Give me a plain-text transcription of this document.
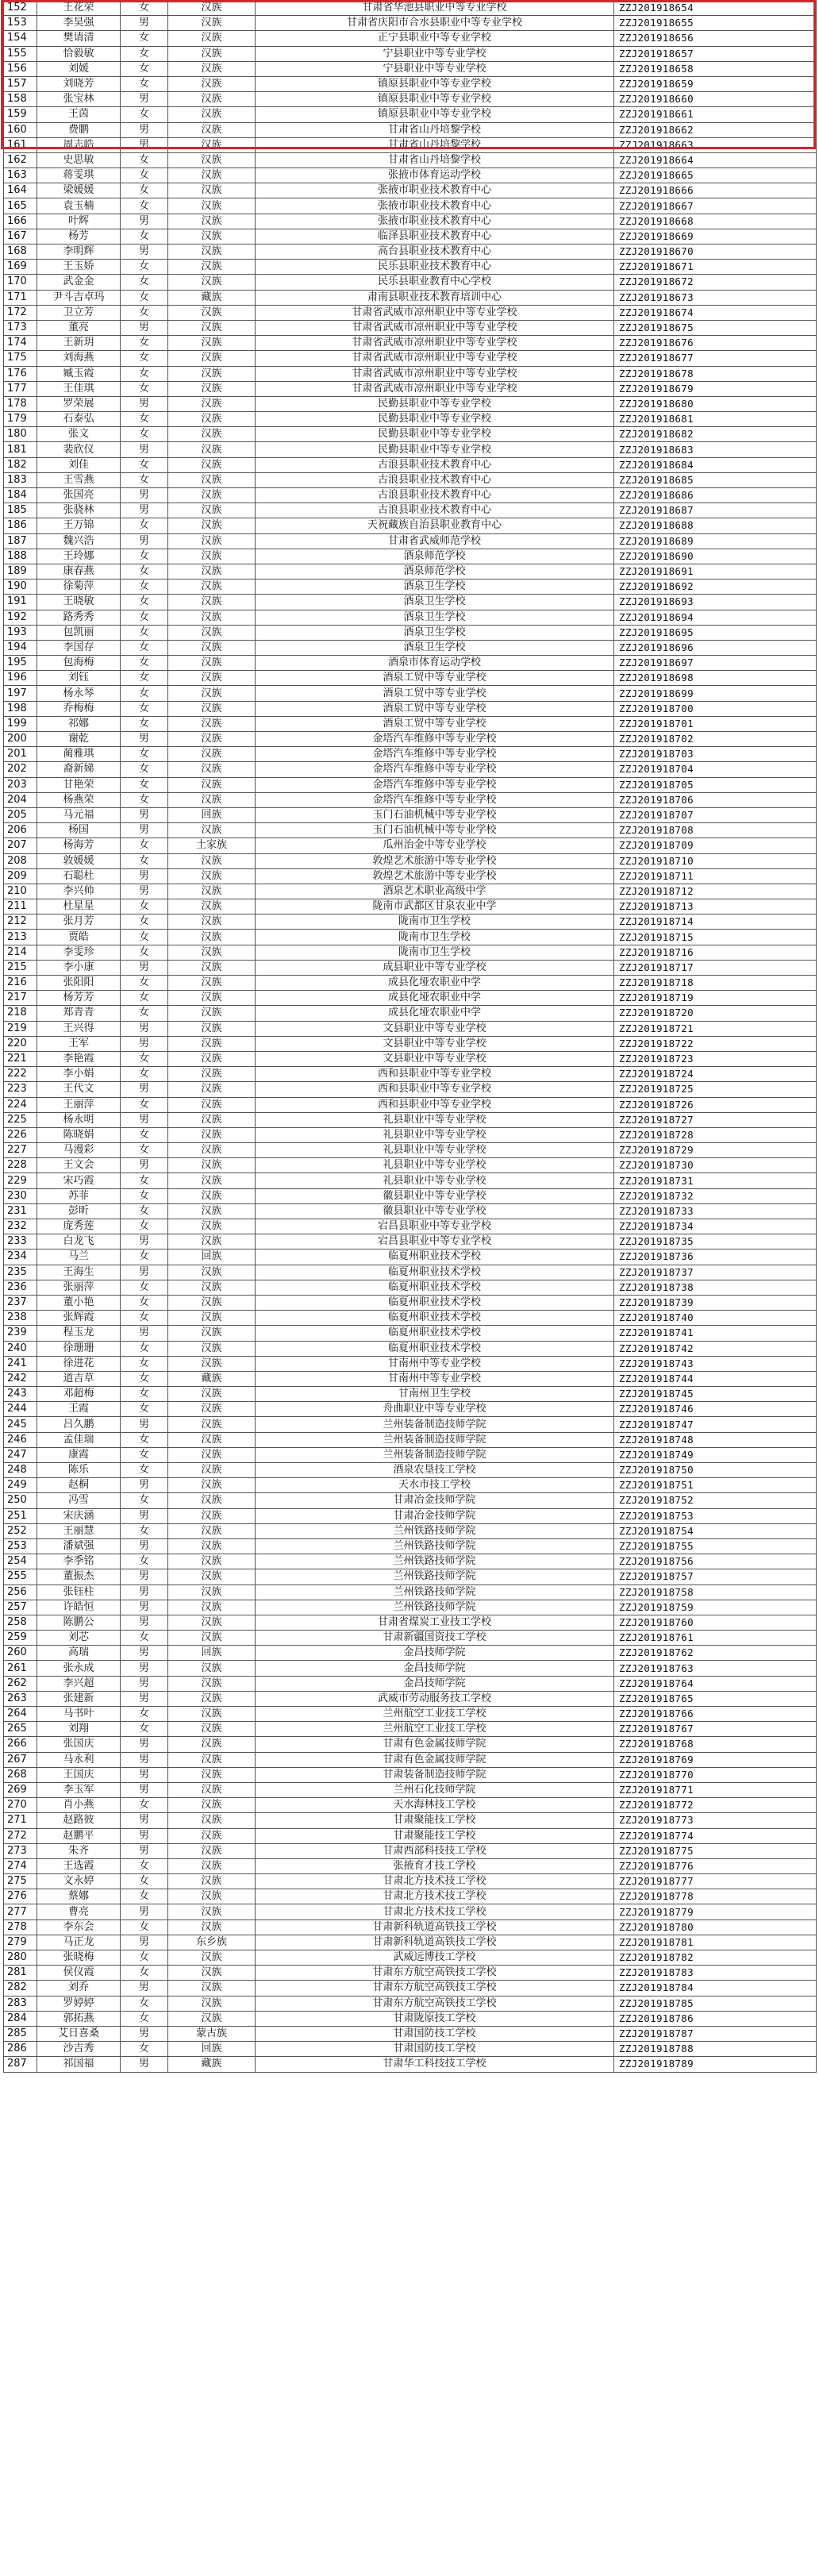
152	王花荣	女	汉族	甘肃省华池县职业中等专业学校	ZZJ201918654
153	李昊强	男	汉族	甘肃省庆阳市合水县职业中等专业学校	ZZJ201918655
154	樊请清	女	汉族	正宁县职业中等专业学校	ZZJ201918656
155	恰毅敏	女	汉族	宁县职业中等专业学校	ZZJ201918657
156	刘媛	女	汉族	宁县职业中等专业学校	ZZJ201918658
157	刘晓芳	女	汉族	镇原县职业中等专业学校	ZZJ201918659
158	张宝林	男	汉族	镇原县职业中等专业学校	ZZJ201918660
159	王茵	女	汉族	镇原县职业中等专业学校	ZZJ201918661
160	费鹏	男	汉族	甘肃省山丹培黎学校	ZZJ201918662
161	周志皓	男	汉族	甘肃省山丹培黎学校	ZZJ201918663
162	史思敏	女	汉族	甘肃省山丹培黎学校	ZZJ201918664
163	蒋雯琪	女	汉族	张掖市体育运动学校	ZZJ201918665
164	梁媛媛	女	汉族	张掖市职业技术教育中心	ZZJ201918666
165	袁玉楠	女	汉族	张掖市职业技术教育中心	ZZJ201918667
166	叶辉	男	汉族	张掖市职业技术教育中心	ZZJ201918668
167	杨芳	女	汉族	临泽县职业技术教育中心	ZZJ201918669
168	李明辉	男	汉族	高台县职业技术教育中心	ZZJ201918670
169	王玉娇	女	汉族	民乐县职业技术教育中心	ZZJ201918671
170	武金金	女	汉族	民乐县职业教育中心学校	ZZJ201918672
171	尹斗吉卓玛	女	藏族	肃南县职业技术教育培训中心	ZZJ201918673
172	卫立芳	女	汉族	甘肃省武威市凉州职业中等专业学校	ZZJ201918674
173	董亮	男	汉族	甘肃省武威市凉州职业中等专业学校	ZZJ201918675
174	王新玥	女	汉族	甘肃省武威市凉州职业中等专业学校	ZZJ201918676
175	刘海燕	女	汉族	甘肃省武威市凉州职业中等专业学校	ZZJ201918677
176	臧玉霞	女	汉族	甘肃省武威市凉州职业中等专业学校	ZZJ201918678
177	王佳琪	女	汉族	甘肃省武威市凉州职业中等专业学校	ZZJ201918679
178	罗荣展	男	汉族	民勤县职业中等专业学校	ZZJ201918680
179	石泰弘	女	汉族	民勤县职业中等专业学校	ZZJ201918681
180	张文	女	汉族	民勤县职业中等专业学校	ZZJ201918682
181	裴欣仪	男	汉族	民勤县职业中等专业学校	ZZJ201918683
182	刘佳	女	汉族	古浪县职业技术教育中心	ZZJ201918684
183	王雪燕	女	汉族	古浪县职业技术教育中心	ZZJ201918685
184	张国亮	男	汉族	古浪县职业技术教育中心	ZZJ201918686
185	张骁林	男	汉族	古浪县职业技术教育中心	ZZJ201918687
186	王万锦	女	汉族	天祝藏族自治县职业教育中心	ZZJ201918688
187	魏兴浩	男	汉族	甘肃省武威师范学校	ZZJ201918689
188	王玲娜	女	汉族	酒泉师范学校	ZZJ201918690
189	康春燕	女	汉族	酒泉师范学校	ZZJ201918691
190	徐菊萍	女	汉族	酒泉卫生学校	ZZJ201918692
191	王晓敏	女	汉族	酒泉卫生学校	ZZJ201918693
192	路秀秀	女	汉族	酒泉卫生学校	ZZJ201918694
193	包凯丽	女	汉族	酒泉卫生学校	ZZJ201918695
194	李国存	女	汉族	酒泉卫生学校	ZZJ201918696
195	包海梅	女	汉族	酒泉市体育运动学校	ZZJ201918697
196	刘钰	女	汉族	酒泉工贸中等专业学校	ZZJ201918698
197	杨永琴	女	汉族	酒泉工贸中等专业学校	ZZJ201918699
198	乔梅梅	女	汉族	酒泉工贸中等专业学校	ZZJ201918700
199	祁娜	女	汉族	酒泉工贸中等专业学校	ZZJ201918701
200	谢乾	男	汉族	金塔汽车维修中等专业学校	ZZJ201918702
201	蔺雅琪	女	汉族	金塔汽车维修中等专业学校	ZZJ201918703
202	裔新娣	女	汉族	金塔汽车维修中等专业学校	ZZJ201918704
203	甘艳荣	女	汉族	金塔汽车维修中等专业学校	ZZJ201918705
204	杨燕荣	女	汉族	金塔汽车维修中等专业学校	ZZJ201918706
205	马元福	男	回族	玉门石油机械中等专业学校	ZZJ201918707
206	杨国	男	汉族	玉门石油机械中等专业学校	ZZJ201918708
207	杨海芳	女	土家族	瓜州治金中等专业学校	ZZJ201918709
208	敦媛媛	女	汉族	敦煌艺术旅游中等专业学校	ZZJ201918710
209	石聪杜	男	汉族	敦煌艺术旅游中等专业学校	ZZJ201918711
210	李兴帅	男	汉族	酒泉艺术职业高级中学	ZZJ201918712
211	杜星星	女	汉族	陇南市武都区甘泉农业中学	ZZJ201918713
212	张月芳	女	汉族	陇南市卫生学校	ZZJ201918714
213	贾皓	女	汉族	陇南市卫生学校	ZZJ201918715
214	李雯珍	女	汉族	陇南市卫生学校	ZZJ201918716
215	李小康	男	汉族	成县职业中等专业学校	ZZJ201918717
216	张阳阳	女	汉族	成县化垭农职业中学	ZZJ201918718
217	杨芳芳	女	汉族	成县化垭农职业中学	ZZJ201918719
218	郑青青	女	汉族	成县化垭农职业中学	ZZJ201918720
219	王兴得	男	汉族	文县职业中等专业学校	ZZJ201918721
220	王军	男	汉族	文县职业中等专业学校	ZZJ201918722
221	李艳霞	女	汉族	文县职业中等专业学校	ZZJ201918723
222	李小娟	女	汉族	西和县职业中等专业学校	ZZJ201918724
223	王代文	男	汉族	西和县职业中等专业学校	ZZJ201918725
224	王丽萍	女	汉族	西和县职业中等专业学校	ZZJ201918726
225	杨永明	男	汉族	礼县职业中等专业学校	ZZJ201918727
226	陈晓娟	女	汉族	礼县职业中等专业学校	ZZJ201918728
227	马漫彩	女	汉族	礼县职业中等专业学校	ZZJ201918729
228	王文会	男	汉族	礼县职业中等专业学校	ZZJ201918730
229	宋巧霞	女	汉族	礼县职业中等专业学校	ZZJ201918731
230	苏菲	女	汉族	徽县职业中等专业学校	ZZJ201918732
231	彭昕	女	汉族	徽县职业中等专业学校	ZZJ201918733
232	庞秀莲	女	汉族	宕昌县职业中等专业学校	ZZJ201918734
233	白龙飞	男	汉族	宕昌县职业中等专业学校	ZZJ201918735
234	马兰	女	回族	临夏州职业技术学校	ZZJ201918736
235	王海生	男	汉族	临夏州职业技术学校	ZZJ201918737
236	张丽萍	女	汉族	临夏州职业技术学校	ZZJ201918738
237	董小艳	女	汉族	临夏州职业技术学校	ZZJ201918739
238	张辉霞	女	汉族	临夏州职业技术学校	ZZJ201918740
239	程玉龙	男	汉族	临夏州职业技术学校	ZZJ201918741
240	徐珊珊	女	汉族	临夏州职业技术学校	ZZJ201918742
241	徐进花	女	汉族	甘南州中等专业学校	ZZJ201918743
242	道吉草	女	藏族	甘南州中等专业学校	ZZJ201918744
243	邓超梅	女	汉族	甘南州卫生学校	ZZJ201918745
244	王霞	女	汉族	舟曲职业中等专业学校	ZZJ201918746
245	吕久鹏	男	汉族	兰州装备制造技师学院	ZZJ201918747
246	孟佳瑞	女	汉族	兰州装备制造技师学院	ZZJ201918748
247	康霞	女	汉族	兰州装备制造技师学院	ZZJ201918749
248	陈乐	女	汉族	酒泉农垦技工学校	ZZJ201918750
249	赵桐	男	汉族	天水市技工学校	ZZJ201918751
250	冯雪	女	汉族	甘肃冶金技师学院	ZZJ201918752
251	宋庆涵	男	汉族	甘肃冶金技师学院	ZZJ201918753
252	王丽慧	女	汉族	兰州铁路技师学院	ZZJ201918754
253	潘斌强	男	汉族	兰州铁路技师学院	ZZJ201918755
254	李季铭	女	汉族	兰州铁路技师学院	ZZJ201918756
255	董振杰	男	汉族	兰州铁路技师学院	ZZJ201918757
256	张钰柱	男	汉族	兰州铁路技师学院	ZZJ201918758
257	许皓恒	男	汉族	兰州铁路技师学院	ZZJ201918759
258	陈鹏公	男	汉族	甘肃省煤炭工业技工学校	ZZJ201918760
259	刘芯	女	汉族	甘肃新疆国资技工学校	ZZJ201918761
260	高瑞	男	回族	金昌技师学院	ZZJ201918762
261	张永成	男	汉族	金昌技师学院	ZZJ201918763
262	李兴超	男	汉族	金昌技师学院	ZZJ201918764
263	张建新	男	汉族	武威市劳动服务技工学校	ZZJ201918765
264	马书叶	女	汉族	兰州航空工业技工学校	ZZJ201918766
265	刘翔	女	汉族	兰州航空工业技工学校	ZZJ201918767
266	张国庆	男	汉族	甘肃有色金属技师学院	ZZJ201918768
267	马永利	男	汉族	甘肃有色金属技师学院	ZZJ201918769
268	王国庆	男	汉族	甘肃装备制造技师学院	ZZJ201918770
269	李玉军	男	汉族	兰州石化技师学院	ZZJ201918771
270	肖小燕	女	汉族	天水海林技工学校	ZZJ201918772
271	赵路彼	男	汉族	甘肃聚能技工学校	ZZJ201918773
272	赵鹏平	男	汉族	甘肃聚能技工学校	ZZJ201918774
273	朱齐	男	汉族	甘肃西部科技技工学校	ZZJ201918775
274	王选霞	女	汉族	张掖育才技工学校	ZZJ201918776
275	文永婷	女	汉族	甘肃北方技术技工学校	ZZJ201918777
276	蔡娜	女	汉族	甘肃北方技术技工学校	ZZJ201918778
277	曹亮	男	汉族	甘肃北方技术技工学校	ZZJ201918779
278	李东会	女	汉族	甘肃新科轨道高铁技工学校	ZZJ201918780
279	马正龙	男	东乡族	甘肃新科轨道高铁技工学校	ZZJ201918781
280	张晓梅	女	汉族	武威远博技工学校	ZZJ201918782
281	侯仪霞	女	汉族	甘肃东方航空高铁技工学校	ZZJ201918783
282	刘乔	男	汉族	甘肃东方航空高铁技工学校	ZZJ201918784
283	罗婷婷	女	汉族	甘肃东方航空高铁技工学校	ZZJ201918785
284	郭拓燕	女	汉族	甘肃陇原技工学校	ZZJ201918786
285	艾日喜桑	男	蒙古族	甘肃国防技工学校	ZZJ201918787
286	沙吉秀	女	回族	甘肃国防技工学校	ZZJ201918788
287	祁国福	男	藏族	甘肃华工科技技工学校	ZZJ201918789
